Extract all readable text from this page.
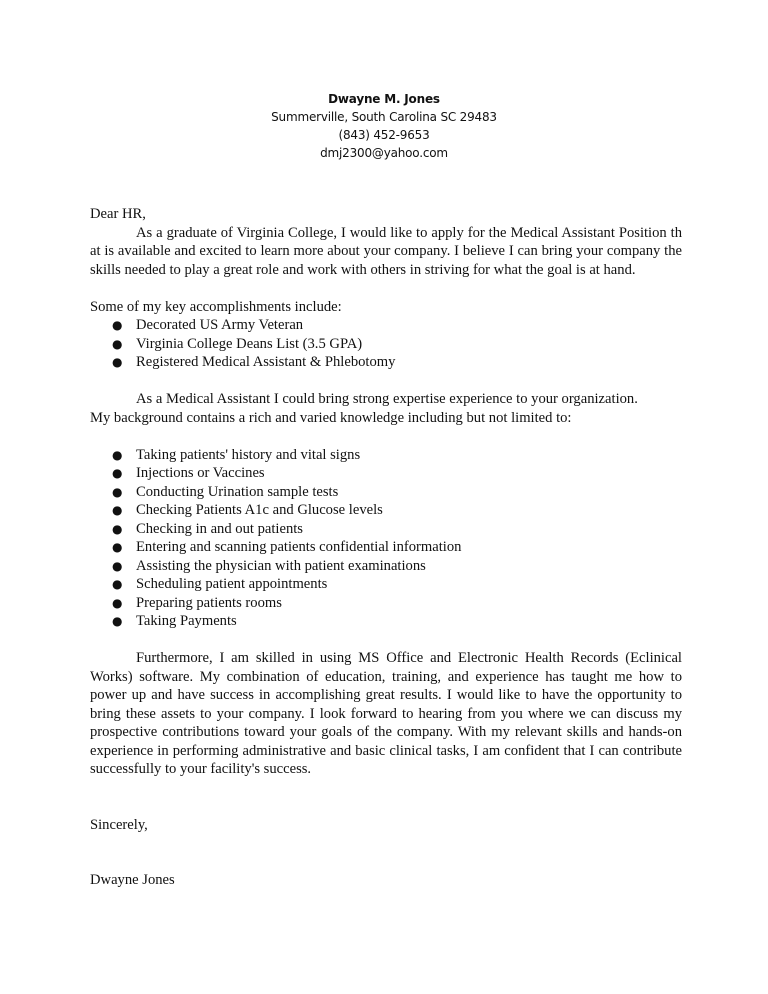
Dwayne M. Jones
Summerville, South Carolina SC 29483
(843) 452-9653
dmj2300@yahoo.com

Dear HR,

As a graduate of Virginia College, I would like to apply for the Medical Assistant Position that is available and excited to learn more about your company. I believe I can bring your company the skills needed to play a great role and work with others in striving for what the goal is at hand.

Some of my key accomplishments include:

● Decorated US Army Veteran
● Virginia College Deans List (3.5 GPA)
● Registered Medical Assistant & Phlebotomy

As a Medical Assistant I could bring strong expertise experience to your organization.

My background contains a rich and varied knowledge including but not limited to:

● Taking patients' history and vital signs
● Injections or Vaccines
● Conducting Urination sample tests
● Checking Patients A1c and Glucose levels
● Checking in and out patients
● Entering and scanning patients confidential information
● Assisting the physician with patient examinations
● Scheduling patient appointments
● Preparing patients rooms
● Taking Payments

Furthermore, I am skilled in using MS Office and Electronic Health Records (Eclinical Works) software. My combination of education, training, and experience has taught me how to power up and have success in accomplishing great results. I would like to have the opportunity to bring these assets to your company. I look forward to hearing from you where we can discuss my prospective contributions toward your goals of the company. With my relevant skills and hands-on experience in performing administrative and basic clinical tasks, I am confident that I can contribute successfully to your facility's success.

Sincerely,

Dwayne Jones
